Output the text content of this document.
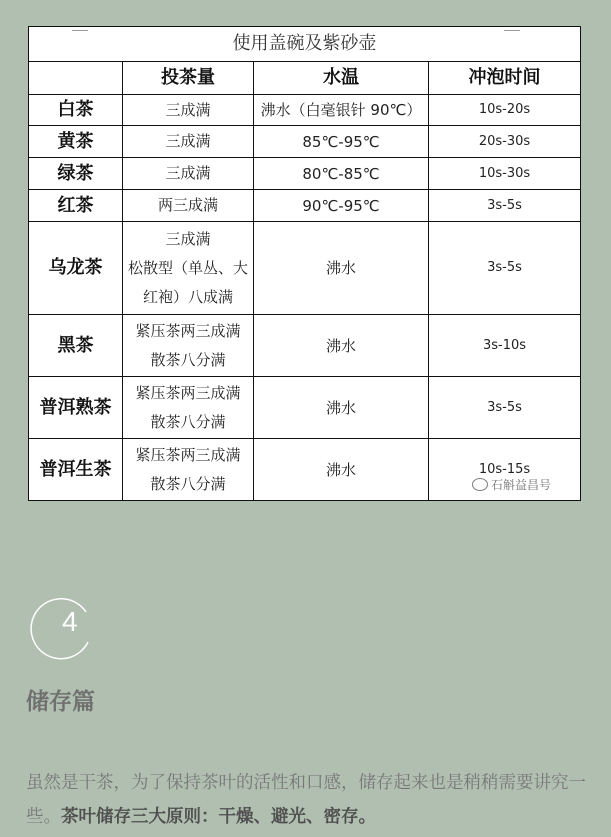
使用盖碗及紫砂壶			
	投茶量	水温	冲泡时间
白茶	三成满	沸水（白毫银针 90℃）	10s-20s
黄茶	三成满	85℃-95℃	20s-30s
绿茶	三成满	80℃-85℃	10s-30s
红茶	两三成满	90℃-95℃	3s-5s
乌龙茶	三成满
松散型（单丛、大
红袍）八成满	沸水	3s-5s
黑茶	紧压茶两三成满
散茶八分满	沸水	3s-10s
普洱熟茶	紧压茶两三成满
散茶八分满	沸水	3s-5s
普洱生茶	紧压茶两三成满
散茶八分满	沸水	10s-15s
石斛益昌号
4
储存篇
虽然是干茶，为了保持茶叶的活性和口感，储存起来也是稍稍需要讲究一些。茶叶储存三大原则：干燥、避光、密存。
